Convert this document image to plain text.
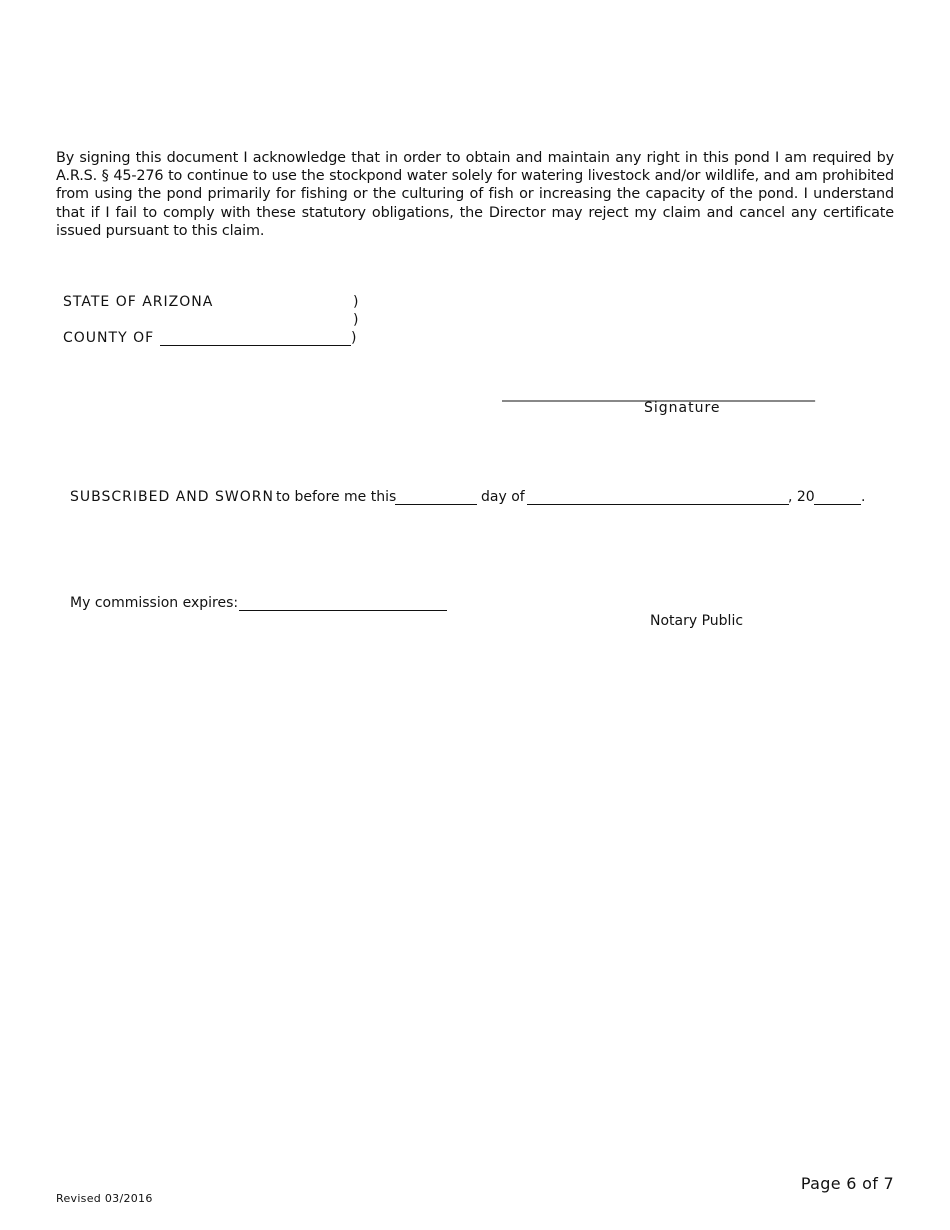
By signing this document I acknowledge that in order to obtain and maintain any right in this pond I am required by A.R.S. § 45-276 to continue to use the stockpond water solely for watering livestock and/or wildlife, and am prohibited from using the pond primarily for fishing or the culturing of fish or increasing the capacity of the pond. I understand that if I fail to comply with these statutory obligations, the Director may reject my claim and cancel any certificate issued pursuant to this claim.
STATE OF ARIZONA	)
)
COUNTY OF	)
______________________________________________
Signature
SUBSCRIBED AND SWORN to before me this	day of	, 20	.
My commission expires:
Notary Public
Page 6 of 7
Revised 03/2016
